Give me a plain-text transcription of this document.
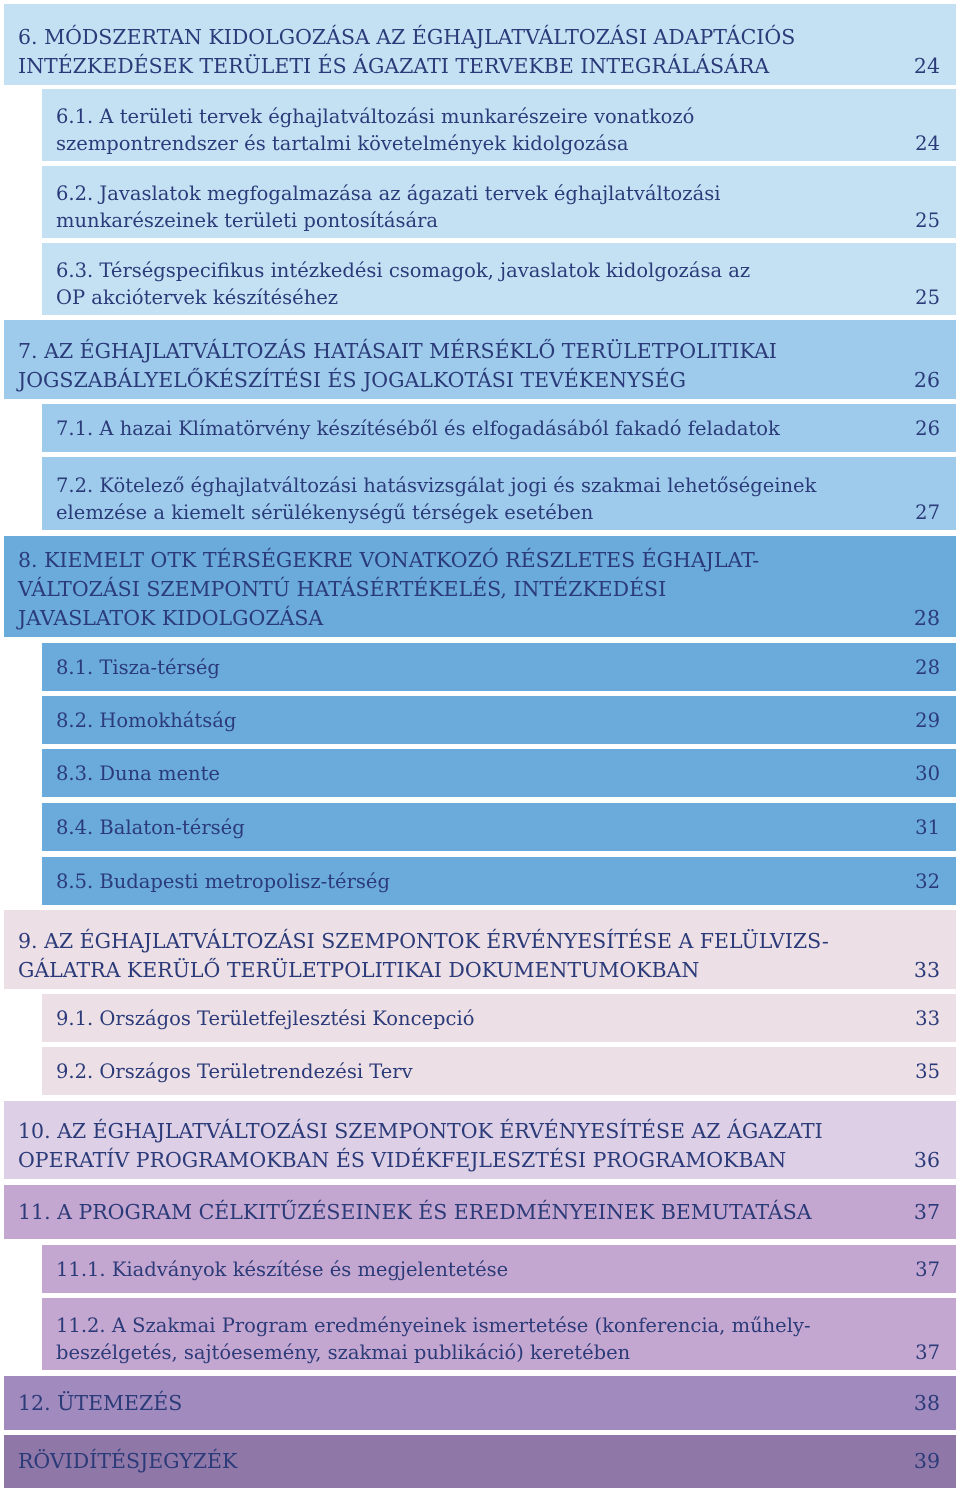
6. MÓDSZERTAN KIDOLGOZÁSA AZ ÉGHAJLATVÁLTOZÁSI ADAPTÁCIÓS
INTÉZKEDÉSEK TERÜLETI ÉS ÁGAZATI TERVEKBE INTEGRÁLÁSÁRA	24
6.1. A területi tervek éghajlatváltozási munkarészeire vonatkozó
szempontrendszer és tartalmi követelmények kidolgozása	24
6.2. Javaslatok megfogalmazása az ágazati tervek éghajlatváltozási
munkarészeinek területi pontosítására	25
6.3. Térségspecifikus intézkedési csomagok, javaslatok kidolgozása az
OP akciótervek készítéséhez	25
7. AZ ÉGHAJLATVÁLTOZÁS HATÁSAIT MÉRSÉKLŐ TERÜLETPOLITIKAI
JOGSZABÁLYELŐKÉSZÍTÉSI ÉS JOGALKOTÁSI TEVÉKENYSÉG	26
7.1. A hazai Klímatörvény készítéséből és elfogadásából fakadó feladatok	26
7.2. Kötelező éghajlatváltozási hatásvizsgálat jogi és szakmai lehetőségeinek
elemzése a kiemelt sérülékenységű térségek esetében	27
8. KIEMELT OTK TÉRSÉGEKRE VONATKOZÓ RÉSZLETES ÉGHAJLAT-
VÁLTOZÁSI SZEMPONTÚ HATÁSÉRTÉKELÉS, INTÉZKEDÉSI
JAVASLATOK KIDOLGOZÁSA	28
8.1. Tisza-térség	28
8.2. Homokhátság	29
8.3. Duna mente	30
8.4. Balaton-térség	31
8.5. Budapesti metropolisz-térség	32
9. AZ ÉGHAJLATVÁLTOZÁSI SZEMPONTOK ÉRVÉNYESÍTÉSE A FELÜLVIZS-
GÁLATRA KERÜLŐ TERÜLETPOLITIKAI DOKUMENTUMOKBAN	33
9.1. Országos Területfejlesztési Koncepció	33
9.2. Országos Területrendezési Terv	35
10. AZ ÉGHAJLATVÁLTOZÁSI SZEMPONTOK ÉRVÉNYESÍTÉSE AZ ÁGAZATI
OPERATÍV PROGRAMOKBAN ÉS VIDÉKFEJLESZTÉSI PROGRAMOKBAN	36
11. A PROGRAM CÉLKITŰZÉSEINEK ÉS EREDMÉNYEINEK BEMUTATÁSA	37
11.1. Kiadványok készítése és megjelentetése	37
11.2. A Szakmai Program eredményeinek ismertetése (konferencia, műhely-
beszélgetés, sajtóesemény, szakmai publikáció) keretében	37
12. ÜTEMEZÉS	38
RÖVIDÍTÉSJEGYZÉK	39
